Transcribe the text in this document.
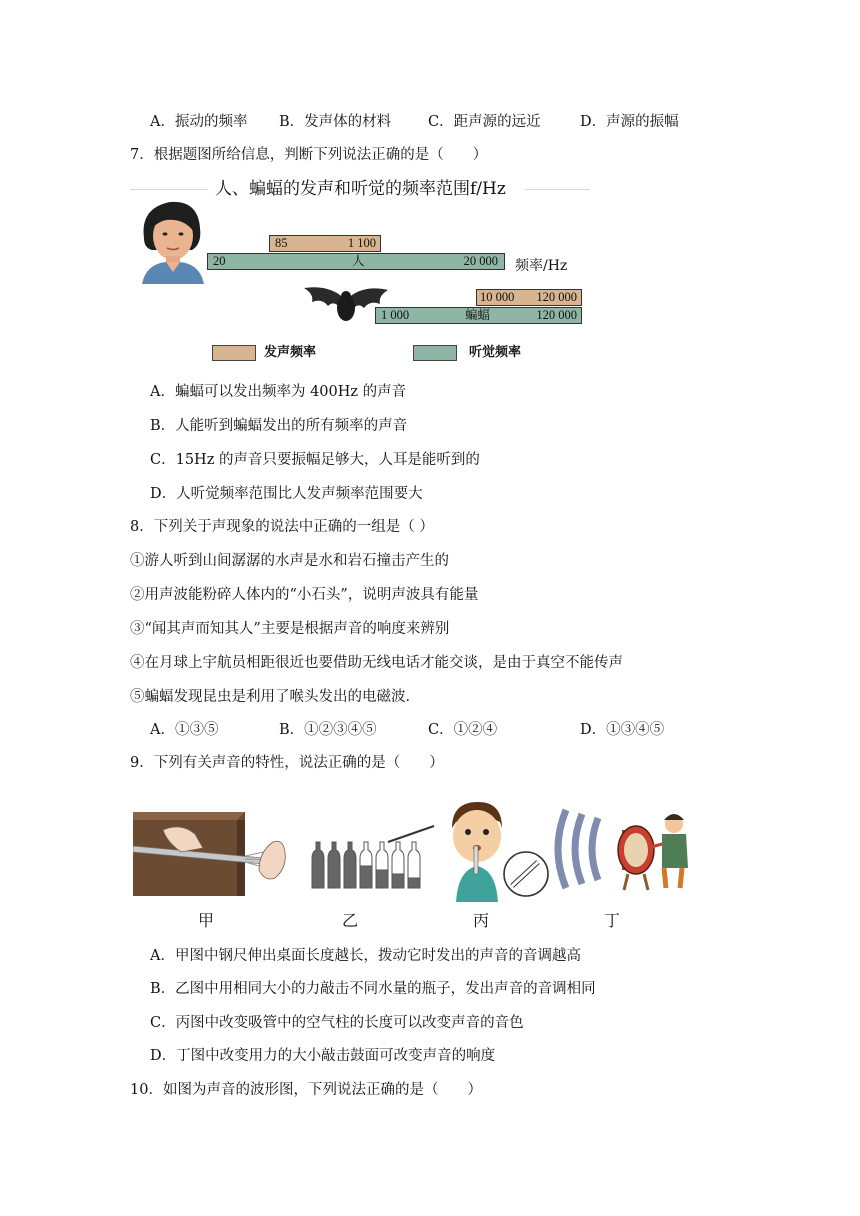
A．振动的频率 B．发声体的材料	C．距声源的远近	D．声源的振幅
7．根据题图所给信息，判断下列说法正确的是（　　）
人、蝙蝠的发声和听觉的频率范围f/Hz
85	1 100
20	人	20 000 频率/Hz
10 000 120 000
1 000	蝙蝠	120 000
发声频率	听觉频率
A．蝙蝠可以发出频率为 400Hz 的声音
B．人能听到蝙蝠发出的所有频率的声音
C．15Hz 的声音只要振幅足够大，人耳是能听到的
D．人听觉频率范围比人发声频率范围要大
8．下列关于声现象的说法中正确的一组是（ ）
①游人听到山间潺潺的水声是水和岩石撞击产生的
②用声波能粉碎人体内的“小石头”，说明声波具有能量
③“闻其声而知其人”主要是根据声音的响度来辨别
④在月球上宇航员相距很近也要借助无线电话才能交谈，是由于真空不能传声
⑤蝙蝠发现昆虫是利用了喉头发出的电磁波．
A．①③⑤	B．①②③④⑤	C．①②④	D．①③④⑤
9．下列有关声音的特性，说法正确的是（　　）
甲	乙	丙	丁
A．甲图中钢尺伸出桌面长度越长，拨动它时发出的声音的音调越高
B．乙图中用相同大小的力敲击不同水量的瓶子，发出声音的音调相同
C．丙图中改变吸管中的空气柱的长度可以改变声音的音色
D．丁图中改变用力的大小敲击鼓面可改变声音的响度
10．如图为声音的波形图，下列说法正确的是（　　）
